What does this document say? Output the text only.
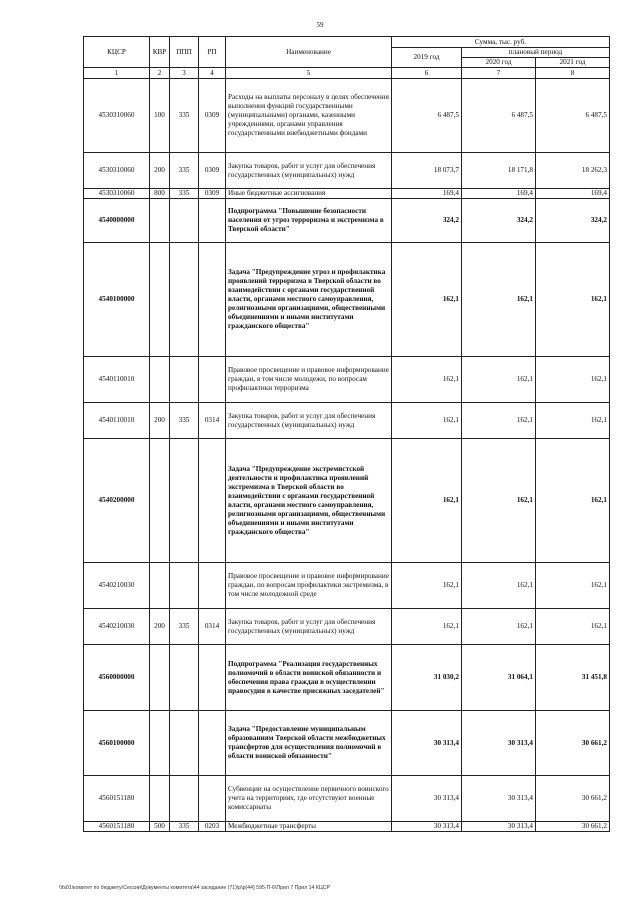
59
КЦСР	КВР	ППП	РП	Наименование	Сумма, тыс. руб.		
					2019 год	плановый период	
						2020 год	2021 год
1	2	3	4	5	6	7	8
4530310060	100	335	0309	Расходы на выплаты персоналу в целях обеспечения выполнения функций государственными (муниципальными) органами, казенными учреждениями, органами управления государственными внебюджетными фондами	6 487,5	6 487,5	6 487,5
4530310060	200	335	0309	Закупка товаров, работ и услуг для обеспечения государственных (муниципальных) нужд	18 073,7	18 171,8	18 262,3
4530310060	800	335	0309	Иные бюджетные ассигнования	169,4	169,4	169,4
4540000000				Подпрограмма "Повышение безопасности населения от угроз терроризма и экстремизма в Тверской области"	324,2	324,2	324,2
4540100000				Задача "Предупреждение угроз и профилактика проявлений терроризма в Тверской области во взаимодействии с органами государственной власти, органами местного самоуправления, религиозными организациями, общественными объединениями и иными институтами гражданского общества"	162,1	162,1	162,1
4540110010				Правовое просвещение и правовое информирование граждан, в том числе молодежи, по вопросам профилактики терроризма	162,1	162,1	162,1
4540110010	200	335	0314	Закупка товаров, работ и услуг для обеспечения государственных (муниципальных) нужд	162,1	162,1	162,1
4540200000				Задача "Предупреждение экстремистской деятельности и профилактика проявлений экстремизма в Тверской области во взаимодействии с органами государственной власти, органами местного самоуправления, религиозными организациями, общественными объединениями и иными институтами гражданского общества"	162,1	162,1	162,1
4540210030				Правовое просвещение и правовое информирование граждан, по вопросам профилактики экстремизма, в том числе молодежной среде	162,1	162,1	162,1
4540210030	200	335	0314	Закупка товаров, работ и услуг для обеспечения государственных (муниципальных) нужд	162,1	162,1	162,1
4560000000				Подпрограмма "Реализация государственных полномочий в области воинской обязанности и обеспечения права граждан в осуществлении правосудия в качестве присяжных заседателей"	31 030,2	31 064,1	31 451,8
4560100000				Задача "Предоставление муниципальным образованиям Тверской области межбюджетных трансфертов для осуществления полномочий в области воинской обязанности"	30 313,4	30 313,4	30 661,2
4560151180				Субвенции на осуществление первичного воинского учета на территориях, где отсутствуют военные комиссариаты	30 313,4	30 313,4	30 661,2
4560151180	500	335	0203	Межбюджетные трансферты	30 313,4	30 313,4	30 661,2
\\fs01\комитет по бюджету\Сессии\Документы комитета\44 заседание (71)\p\p(44) 595-П-6\Прил 7 Прил 14 КЦСР
